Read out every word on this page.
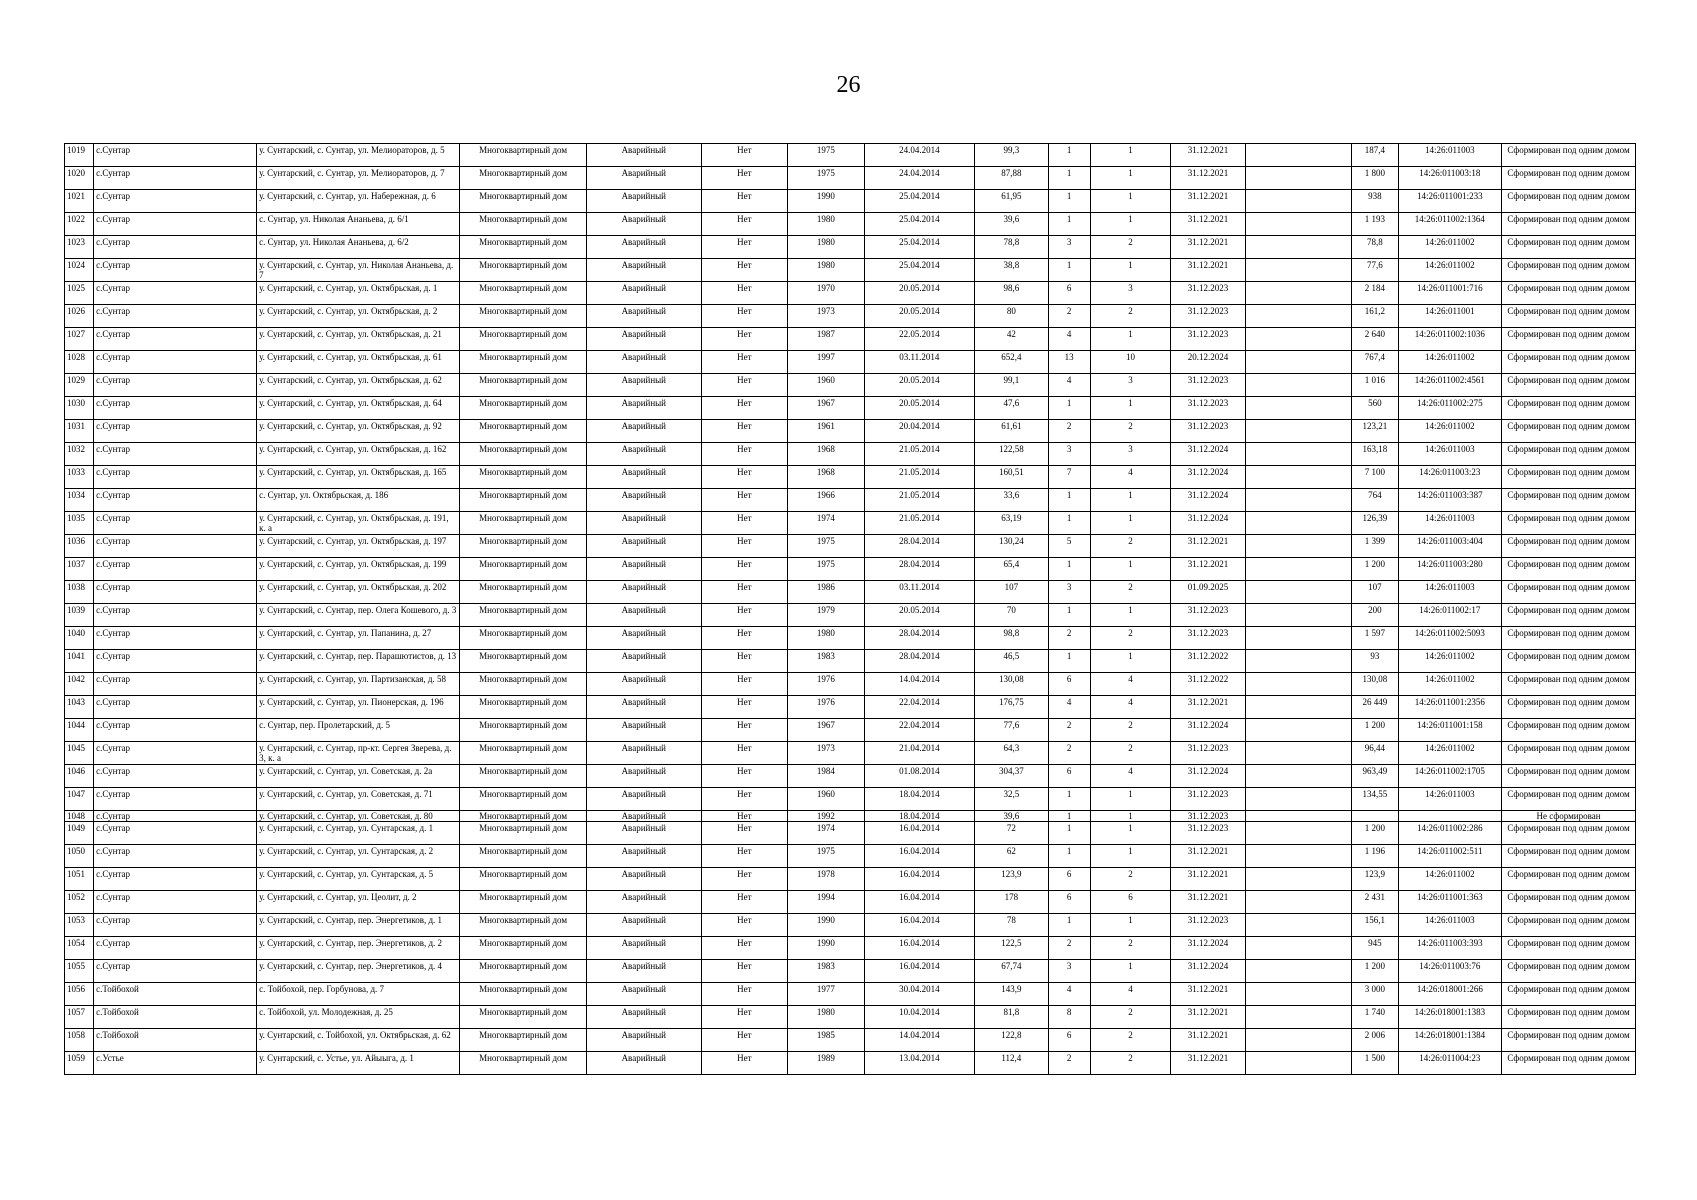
26
1019	с.Сунтар	у. Сунтарский, с. Сунтар, ул. Мелиораторов, д. 5	Многоквартирный дом	Аварийный	Нет	1975	24.04.2014	99,3	1	1	31.12.2021		187,4	14:26:011003	Сформирован под одним домом
1020	с.Сунтар	у. Сунтарский, с. Сунтар, ул. Мелиораторов, д. 7	Многоквартирный дом	Аварийный	Нет	1975	24.04.2014	87,88	1	1	31.12.2021		1 800	14:26:011003:18	Сформирован под одним домом
1021	с.Сунтар	у. Сунтарский, с. Сунтар, ул. Набережная, д. 6	Многоквартирный дом	Аварийный	Нет	1990	25.04.2014	61,95	1	1	31.12.2021		938	14:26:011001:233	Сформирован под одним домом
1022	с.Сунтар	с. Сунтар, ул. Николая Ананьева, д. 6/1	Многоквартирный дом	Аварийный	Нет	1980	25.04.2014	39,6	1	1	31.12.2021		1 193	14:26:011002:1364	Сформирован под одним домом
1023	с.Сунтар	с. Сунтар, ул. Николая Ананьева, д. 6/2	Многоквартирный дом	Аварийный	Нет	1980	25.04.2014	78,8	3	2	31.12.2021		78,8	14:26:011002	Сформирован под одним домом
1024	с.Сунтар	у. Сунтарский, с. Сунтар, ул. Николая Ананьева, д. 7	Многоквартирный дом	Аварийный	Нет	1980	25.04.2014	38,8	1	1	31.12.2021		77,6	14:26:011002	Сформирован под одним домом
1025	с.Сунтар	у. Сунтарский, с. Сунтар, ул. Октябрьская, д. 1	Многоквартирный дом	Аварийный	Нет	1970	20.05.2014	98,6	6	3	31.12.2023		2 184	14:26:011001:716	Сформирован под одним домом
1026	с.Сунтар	у. Сунтарский, с. Сунтар, ул. Октябрьская, д. 2	Многоквартирный дом	Аварийный	Нет	1973	20.05.2014	80	2	2	31.12.2023		161,2	14:26:011001	Сформирован под одним домом
1027	с.Сунтар	у. Сунтарский, с. Сунтар, ул. Октябрьская, д. 21	Многоквартирный дом	Аварийный	Нет	1987	22.05.2014	42	4	1	31.12.2023		2 640	14:26:011002:1036	Сформирован под одним домом
1028	с.Сунтар	у. Сунтарский, с. Сунтар, ул. Октябрьская, д. 61	Многоквартирный дом	Аварийный	Нет	1997	03.11.2014	652,4	13	10	20.12.2024		767,4	14:26:011002	Сформирован под одним домом
1029	с.Сунтар	у. Сунтарский, с. Сунтар, ул. Октябрьская, д. 62	Многоквартирный дом	Аварийный	Нет	1960	20.05.2014	99,1	4	3	31.12.2023		1 016	14:26:011002:4561	Сформирован под одним домом
1030	с.Сунтар	у. Сунтарский, с. Сунтар, ул. Октябрьская, д. 64	Многоквартирный дом	Аварийный	Нет	1967	20.05.2014	47,6	1	1	31.12.2023		560	14:26:011002:275	Сформирован под одним домом
1031	с.Сунтар	у. Сунтарский, с. Сунтар, ул. Октябрьская, д. 92	Многоквартирный дом	Аварийный	Нет	1961	20.04.2014	61,61	2	2	31.12.2023		123,21	14:26:011002	Сформирован под одним домом
1032	с.Сунтар	у. Сунтарский, с. Сунтар, ул. Октябрьская, д. 162	Многоквартирный дом	Аварийный	Нет	1968	21.05.2014	122,58	3	3	31.12.2024		163,18	14:26:011003	Сформирован под одним домом
1033	с.Сунтар	у. Сунтарский, с. Сунтар, ул. Октябрьская, д. 165	Многоквартирный дом	Аварийный	Нет	1968	21.05.2014	160,51	7	4	31.12.2024		7 100	14:26:011003:23	Сформирован под одним домом
1034	с.Сунтар	с. Сунтар, ул. Октябрьская, д. 186	Многоквартирный дом	Аварийный	Нет	1966	21.05.2014	33,6	1	1	31.12.2024		764	14:26:011003:387	Сформирован под одним домом
1035	с.Сунтар	у. Сунтарский, с. Сунтар, ул. Октябрьская, д. 191, к. а	Многоквартирный дом	Аварийный	Нет	1974	21.05.2014	63,19	1	1	31.12.2024		126,39	14:26:011003	Сформирован под одним домом
1036	с.Сунтар	у. Сунтарский, с. Сунтар, ул. Октябрьская, д. 197	Многоквартирный дом	Аварийный	Нет	1975	28.04.2014	130,24	5	2	31.12.2021		1 399	14:26:011003:404	Сформирован под одним домом
1037	с.Сунтар	у. Сунтарский, с. Сунтар, ул. Октябрьская, д. 199	Многоквартирный дом	Аварийный	Нет	1975	28.04.2014	65,4	1	1	31.12.2021		1 200	14:26:011003:280	Сформирован под одним домом
1038	с.Сунтар	у. Сунтарский, с. Сунтар, ул. Октябрьская, д. 202	Многоквартирный дом	Аварийный	Нет	1986	03.11.2014	107	3	2	01.09.2025		107	14:26:011003	Сформирован под одним домом
1039	с.Сунтар	у. Сунтарский, с. Сунтар, пер. Олега Кошевого, д. 3	Многоквартирный дом	Аварийный	Нет	1979	20.05.2014	70	1	1	31.12.2023		200	14:26:011002:17	Сформирован под одним домом
1040	с.Сунтар	у. Сунтарский, с. Сунтар, ул. Папанина, д. 27	Многоквартирный дом	Аварийный	Нет	1980	28.04.2014	98,8	2	2	31.12.2023		1 597	14:26:011002:5093	Сформирован под одним домом
1041	с.Сунтар	у. Сунтарский, с. Сунтар, пер. Парашютистов, д. 13	Многоквартирный дом	Аварийный	Нет	1983	28.04.2014	46,5	1	1	31.12.2022		93	14:26:011002	Сформирован под одним домом
1042	с.Сунтар	у. Сунтарский, с. Сунтар, ул. Партизанская, д. 58	Многоквартирный дом	Аварийный	Нет	1976	14.04.2014	130,08	6	4	31.12.2022		130,08	14:26:011002	Сформирован под одним домом
1043	с.Сунтар	у. Сунтарский, с. Сунтар, ул. Пионерская, д. 196	Многоквартирный дом	Аварийный	Нет	1976	22.04.2014	176,75	4	4	31.12.2021		26 449	14:26:011001:2356	Сформирован под одним домом
1044	с.Сунтар	с. Сунтар, пер. Пролетарский, д. 5	Многоквартирный дом	Аварийный	Нет	1967	22.04.2014	77,6	2	2	31.12.2024		1 200	14:26:011001:158	Сформирован под одним домом
1045	с.Сунтар	у. Сунтарский, с. Сунтар, пр-кт. Сергея Зверева, д. 3, к. а	Многоквартирный дом	Аварийный	Нет	1973	21.04.2014	64,3	2	2	31.12.2023		96,44	14:26:011002	Сформирован под одним домом
1046	с.Сунтар	у. Сунтарский, с. Сунтар, ул. Советская, д. 2а	Многоквартирный дом	Аварийный	Нет	1984	01.08.2014	304,37	6	4	31.12.2024		963,49	14:26:011002:1705	Сформирован под одним домом
1047	с.Сунтар	у. Сунтарский, с. Сунтар, ул. Советская, д. 71	Многоквартирный дом	Аварийный	Нет	1960	18.04.2014	32,5	1	1	31.12.2023		134,55	14:26:011003	Сформирован под одним домом
1048	с.Сунтар	у. Сунтарский, с. Сунтар, ул. Советская, д. 80	Многоквартирный дом	Аварийный	Нет	1992	18.04.2014	39,6	1	1	31.12.2023				Не сформирован
1049	с.Сунтар	у. Сунтарский, с. Сунтар, ул. Сунтарская, д. 1	Многоквартирный дом	Аварийный	Нет	1974	16.04.2014	72	1	1	31.12.2023		1 200	14:26:011002:286	Сформирован под одним домом
1050	с.Сунтар	у. Сунтарский, с. Сунтар, ул. Сунтарская, д. 2	Многоквартирный дом	Аварийный	Нет	1975	16.04.2014	62	1	1	31.12.2021		1 196	14:26:011002:511	Сформирован под одним домом
1051	с.Сунтар	у. Сунтарский, с. Сунтар, ул. Сунтарская, д. 5	Многоквартирный дом	Аварийный	Нет	1978	16.04.2014	123,9	6	2	31.12.2021		123,9	14:26:011002	Сформирован под одним домом
1052	с.Сунтар	у. Сунтарский, с. Сунтар, ул. Цеолит, д. 2	Многоквартирный дом	Аварийный	Нет	1994	16.04.2014	178	6	6	31.12.2021		2 431	14:26:011001:363	Сформирован под одним домом
1053	с.Сунтар	у. Сунтарский, с. Сунтар, пер. Энергетиков, д. 1	Многоквартирный дом	Аварийный	Нет	1990	16.04.2014	78	1	1	31.12.2023		156,1	14:26:011003	Сформирован под одним домом
1054	с.Сунтар	у. Сунтарский, с. Сунтар, пер. Энергетиков, д. 2	Многоквартирный дом	Аварийный	Нет	1990	16.04.2014	122,5	2	2	31.12.2024		945	14:26:011003:393	Сформирован под одним домом
1055	с.Сунтар	у. Сунтарский, с. Сунтар, пер. Энергетиков, д. 4	Многоквартирный дом	Аварийный	Нет	1983	16.04.2014	67,74	3	1	31.12.2024		1 200	14:26:011003:76	Сформирован под одним домом
1056	с.Тойбохой	с. Тойбохой, пер. Горбунова, д. 7	Многоквартирный дом	Аварийный	Нет	1977	30.04.2014	143,9	4	4	31.12.2021		3 000	14:26:018001:266	Сформирован под одним домом
1057	с.Тойбохой	с. Тойбохой, ул. Молодежная, д. 25	Многоквартирный дом	Аварийный	Нет	1980	10.04.2014	81,8	8	2	31.12.2021		1 740	14:26:018001:1383	Сформирован под одним домом
1058	с.Тойбохой	у. Сунтарский, с. Тойбохой, ул. Октябрьская, д. 62	Многоквартирный дом	Аварийный	Нет	1985	14.04.2014	122,8	6	2	31.12.2021		2 006	14:26:018001:1384	Сформирован под одним домом
1059	с.Устье	у. Сунтарский, с. Устье, ул. Айыыга, д. 1	Многоквартирный дом	Аварийный	Нет	1989	13.04.2014	112,4	2	2	31.12.2021		1 500	14:26:011004:23	Сформирован под одним домом
